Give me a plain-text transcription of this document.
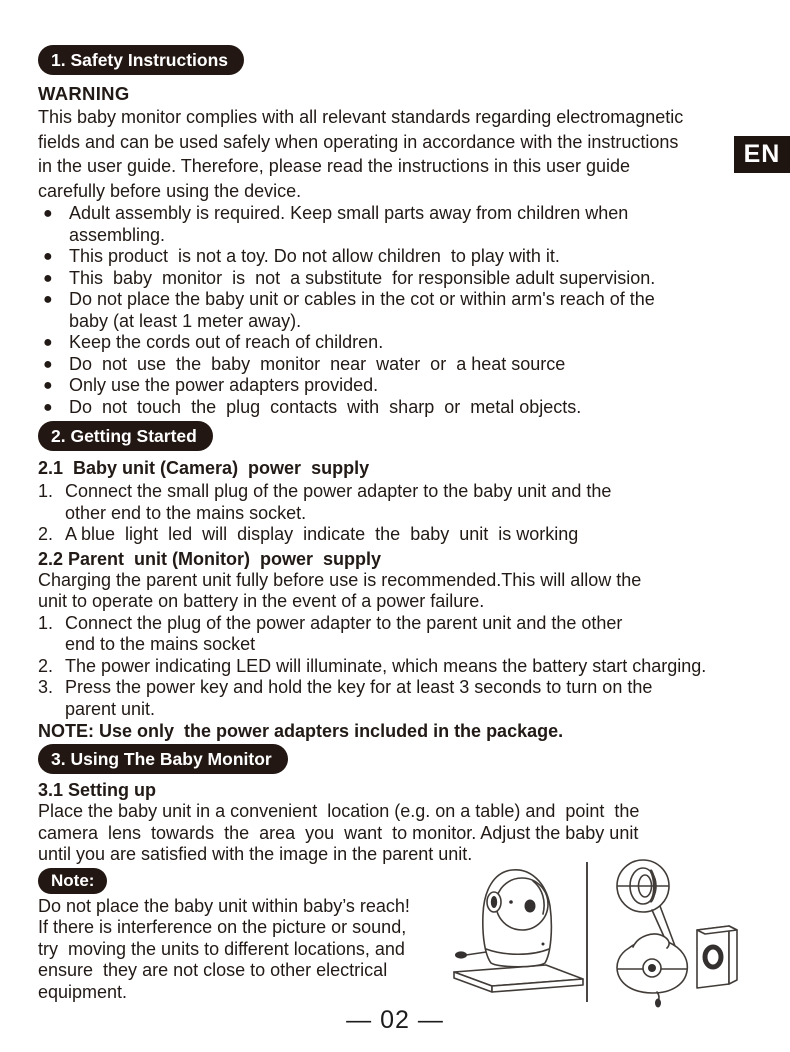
EN
1. Safety Instructions
WARNING
This baby monitor complies with all relevant standards regarding electromagnetic
fields and can be used safely when operating in accordance with the instructions
in the user guide. Therefore, please read the instructions in this user guide
carefully before using the device.
● Adult assembly is required. Keep small parts away from children when
assembling.
● This product  is not a toy. Do not allow children  to play with it.
● This  baby  monitor  is  not  a substitute  for responsible adult supervision.
● Do not place the baby unit or cables in the cot or within arm's reach of the
baby (at least 1 meter away).
● Keep the cords out of reach of children.
● Do  not  use  the  baby  monitor  near  water  or  a heat source
● Only use the power adapters provided.
● Do  not  touch  the  plug  contacts  with  sharp  or  metal objects.
2. Getting Started
2.1  Baby unit (Camera)  power  supply
1. Connect the small plug of the power adapter to the baby unit and the
other end to the mains socket.
2. A blue  light  led  will  display  indicate  the  baby  unit  is working
2.2 Parent  unit (Monitor)  power  supply
Charging the parent unit fully before use is recommended.This will allow the
unit to operate on battery in the event of a power failure.
1. Connect the plug of the power adapter to the parent unit and the other
end to the mains socket
2. The power indicating LED will illuminate, which means the battery start charging.
3. Press the power key and hold the key for at least 3 seconds to turn on the
parent unit.
NOTE: Use only  the power adapters included in the package.
3. Using The Baby Monitor
3.1 Setting up
Place the baby unit in a convenient  location (e.g. on a table) and  point  the
camera  lens  towards  the  area  you  want  to monitor. Adjust the baby unit
until you are satisfied with the image in the parent unit.
Note:
Do not place the baby unit within baby’s reach!
If there is interference on the picture or sound,
try  moving the units to different locations, and
ensure  they are not close to other electrical
equipment.
— 02 —
